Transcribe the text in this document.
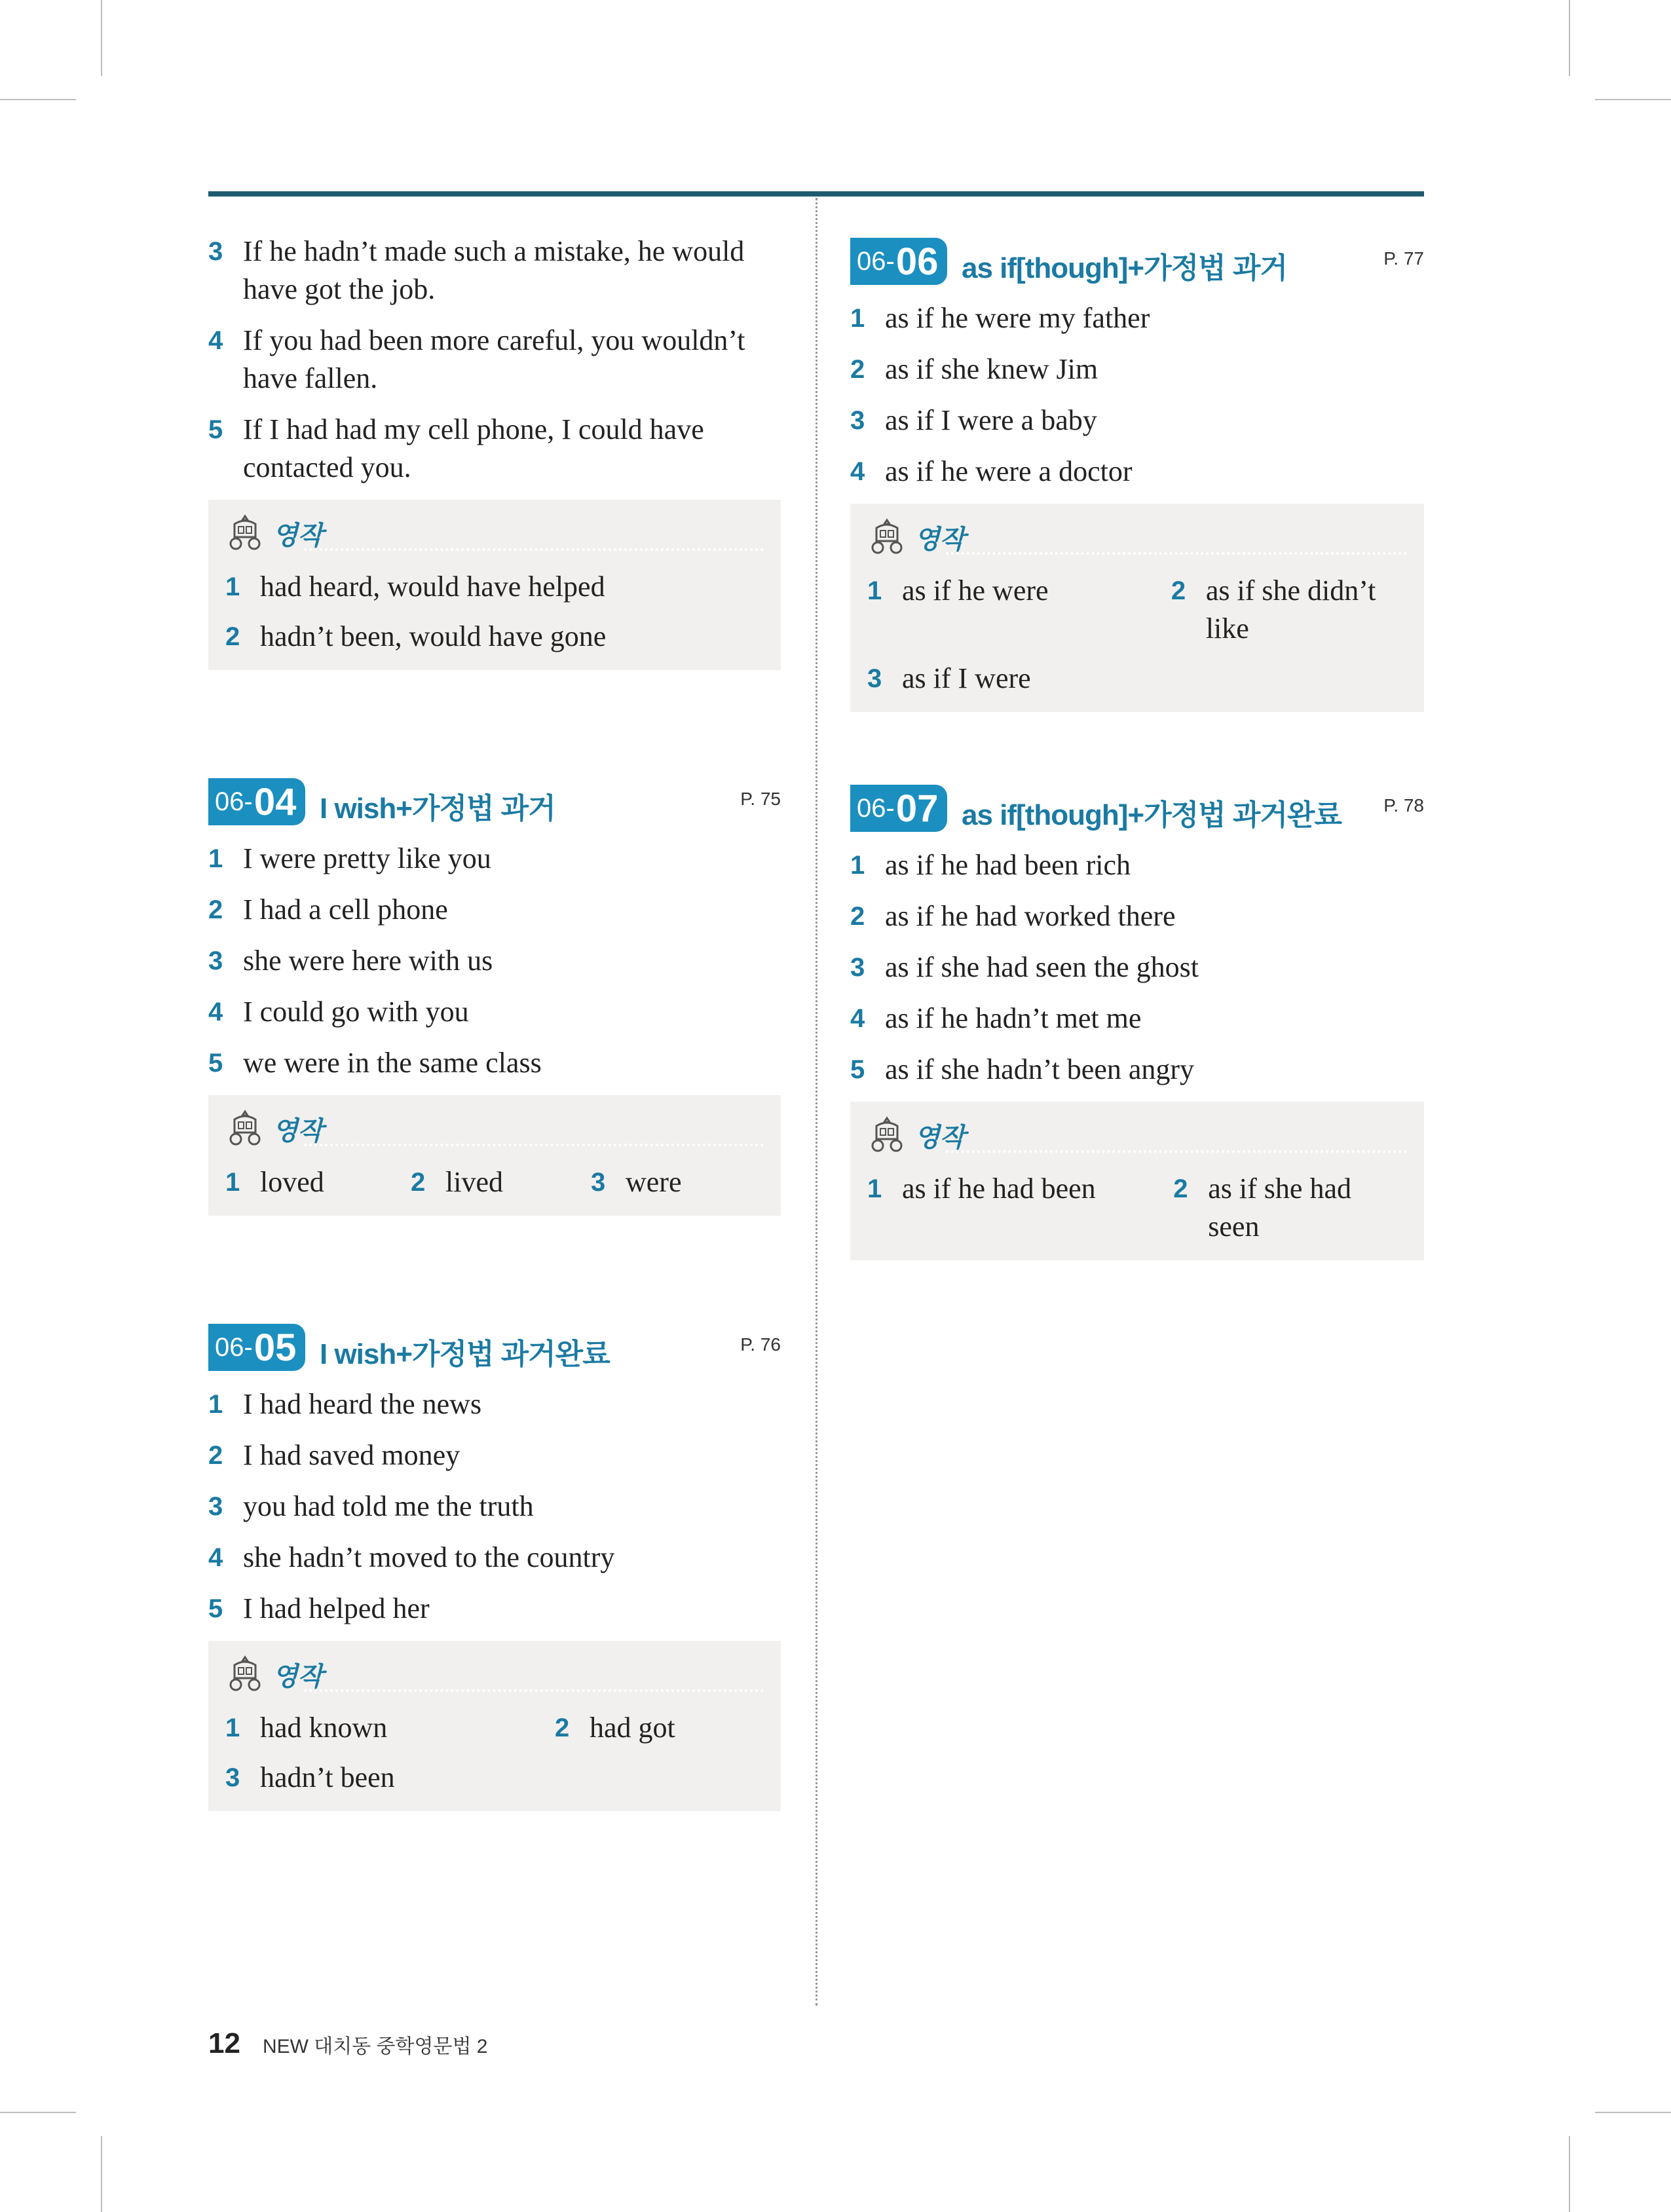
3 If he hadn’t made such a mistake, he would have got the job.
4 If you had been more careful, you wouldn’t have fallen.
5 If I had had my cell phone, I could have contacted you.
영작
1 had heard, would have helped
2 hadn’t been, would have gone
06 - 04 I wish+가정법 과거	P. 75
1 I were pretty like you
2 I had a cell phone
3 she were here with us
4 I could go with you
5 we were in the same class
영작
1 loved	2 lived	3 were
06 - 05 I wish+가정법 과거완료	P. 76
1 I had heard the news
2 I had saved money
3 you had told me the truth
4 she hadn’t moved to the country
5 I had helped her
영작
1 had known	2 had got
3 hadn’t been
06 - 06 as if[though]+가정법 과거	P. 77
1 as if he were my father
2 as if she knew Jim
3 as if I were a baby
4 as if he were a doctor
영작
1 as if he were	2 as if she didn’t like
3 as if I were
06 - 07 as if[though]+가정법 과거완료 P. 78
1 as if he had been rich
2 as if he had worked there
3 as if she had seen the ghost
4 as if he hadn’t met me
5 as if she hadn’t been angry
영작
1 as if he had been	2 as if she had seen
12 NEW 대치동 중학영문법 2
